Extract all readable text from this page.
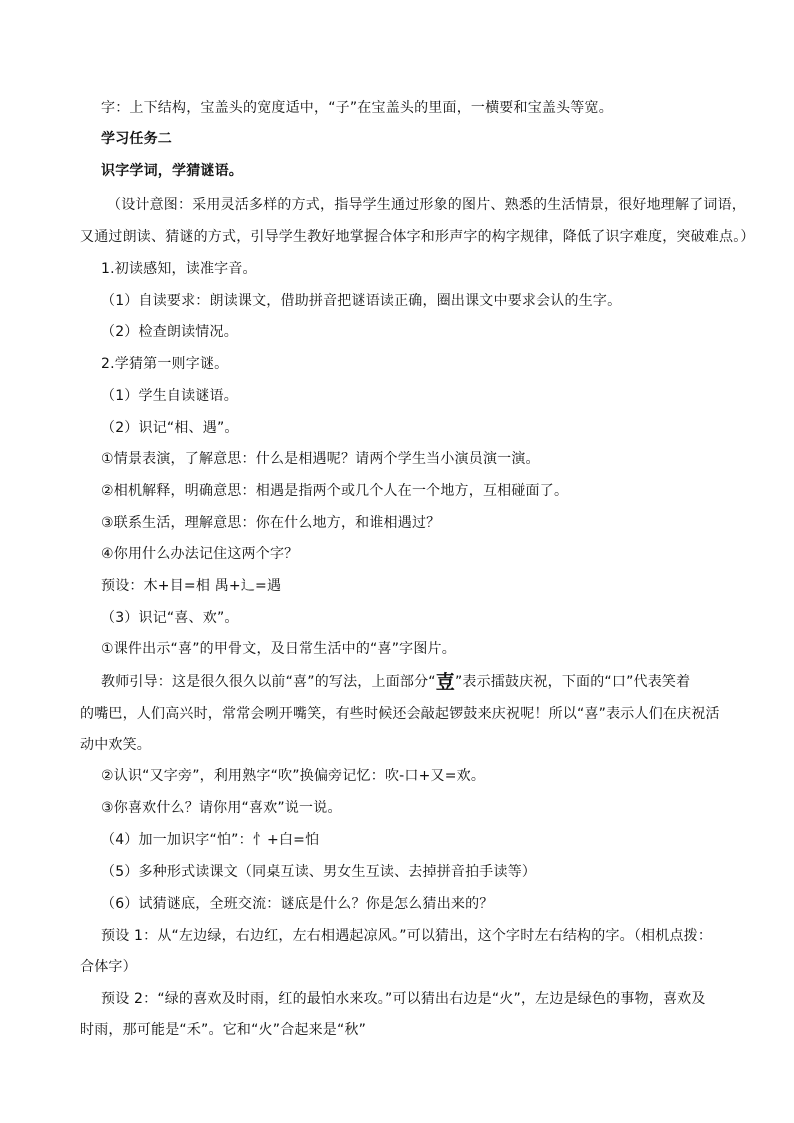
字：上下结构，宝盖头的宽度适中，“子”在宝盖头的里面，一横要和宝盖头等宽。
学习任务二
识字学词，学猜谜语。
（设计意图：采用灵活多样的方式，指导学生通过形象的图片、熟悉的生活情景，很好地理解了词语，
又通过朗读、猜谜的方式，引导学生教好地掌握合体字和形声字的构字规律，降低了识字难度，突破难点。）
1.初读感知，读准字音。
（1）自读要求：朗读课文，借助拼音把谜语读正确，圈出课文中要求会认的生字。
（2）检查朗读情况。
2.学猜第一则字谜。
（1）学生自读谜语。
（2）识记“相、遇”。
①情景表演，了解意思：什么是相遇呢？请两个学生当小演员演一演。
②相机解释，明确意思：相遇是指两个或几个人在一个地方，互相碰面了。
③联系生活，理解意思：你在什么地方，和谁相遇过？
④你用什么办法记住这两个字？
预设：木+目=相 禺+辶=遇
（3）识记“喜、欢”。
①课件出示“喜”的甲骨文，及日常生活中的“喜”字图片。
教师引导：这是很久很久以前“喜”的写法，上面部分“壴”表示擂鼓庆祝，下面的“口”代表笑着
的嘴巴，人们高兴时，常常会咧开嘴笑，有些时候还会敲起锣鼓来庆祝呢！所以“喜”表示人们在庆祝活
动中欢笑。
②认识“又字旁”，利用熟字“吹”换偏旁记忆：吹-口+又=欢。
③你喜欢什么？请你用“喜欢”说一说。
（4）加一加识字“怕”：忄+白=怕
（5）多种形式读课文（同桌互读、男女生互读、去掉拼音拍手读等）
（6）试猜谜底，全班交流：谜底是什么？你是怎么猜出来的？
预设 1：从“左边绿，右边红，左右相遇起凉风。”可以猜出，这个字时左右结构的字。（相机点拨：
合体字）
预设 2：“绿的喜欢及时雨，红的最怕水来攻。”可以猜出右边是“火”，左边是绿色的事物，喜欢及
时雨，那可能是“禾”。它和“火”合起来是“秋”
